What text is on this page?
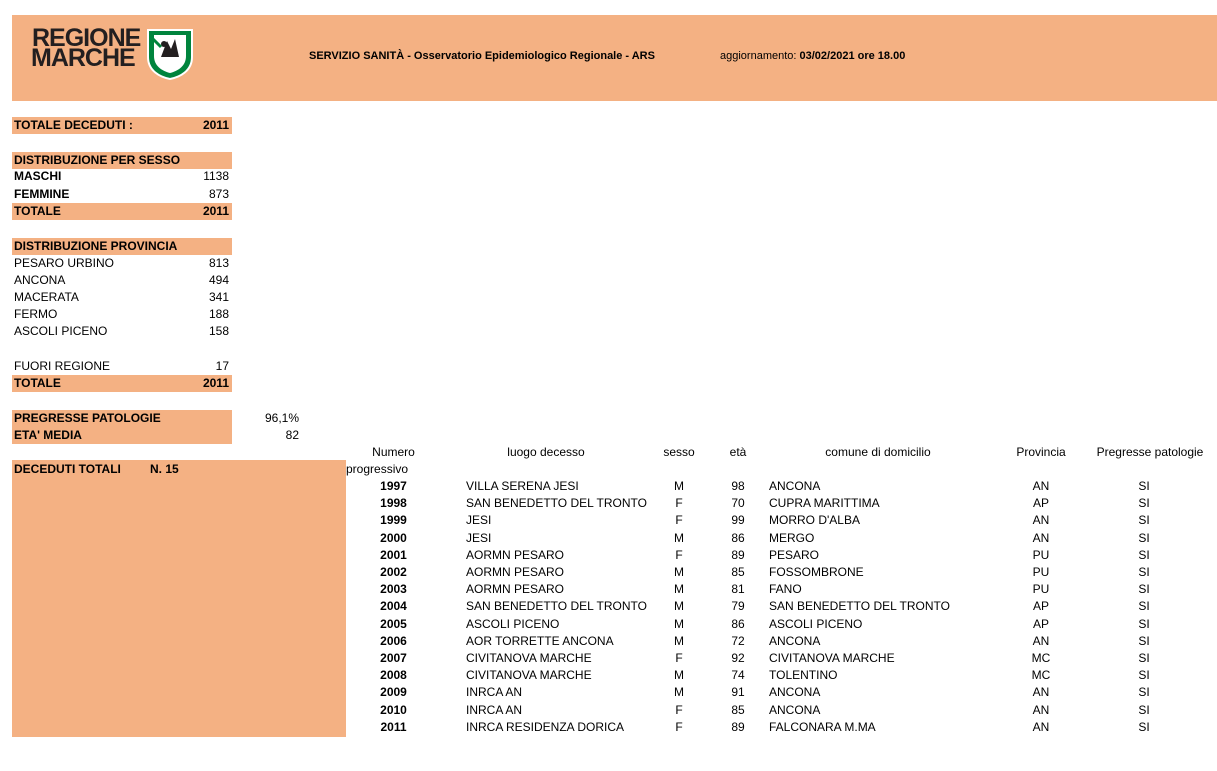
REGIONE
MARCHE	SERVIZIO SANITÀ - Osservatorio Epidemiologico Regionale - ARS	aggiornamento: 03/02/2021 ore 18.00
TOTALE DECEDUTI :	2011
DISTRIBUZIONE PER SESSO
MASCHI	1138
FEMMINE	873
TOTALE	2011
DISTRIBUZIONE PROVINCIA
PESARO URBINO	813
ANCONA	494
MACERATA	341
FERMO	188
ASCOLI PICENO	158
FUORI REGIONE	17
TOTALE	2011
PREGRESSE PATOLOGIE	96,1%
ETA' MEDIA	82
DECEDUTI TOTALI N. 15
Numero
progressivo
luogo decesso	sesso	età	comune di domicilio	Provincia	Pregresse patologie
1997	VILLA SERENA JESI	M	98	ANCONA	AN	SI
1998	SAN BENEDETTO DEL TRONTO	F	70	CUPRA MARITTIMA	AP	SI
1999	JESI	F	99	MORRO D'ALBA	AN	SI
2000	JESI	M	86	MERGO	AN	SI
2001	AORMN PESARO	F	89	PESARO	PU	SI
2002	AORMN PESARO	M	85	FOSSOMBRONE	PU	SI
2003	AORMN PESARO	M	81	FANO	PU	SI
2004	SAN BENEDETTO DEL TRONTO	M	79	SAN BENEDETTO DEL TRONTO	AP	SI
2005	ASCOLI PICENO	M	86	ASCOLI PICENO	AP	SI
2006	AOR TORRETTE ANCONA	M	72	ANCONA	AN	SI
2007	CIVITANOVA MARCHE	F	92	CIVITANOVA MARCHE	MC	SI
2008	CIVITANOVA MARCHE	M	74	TOLENTINO	MC	SI
2009	INRCA AN	M	91	ANCONA	AN	SI
2010	INRCA AN	F	85	ANCONA	AN	SI
2011	INRCA RESIDENZA DORICA	F	89	FALCONARA M.MA	AN	SI
